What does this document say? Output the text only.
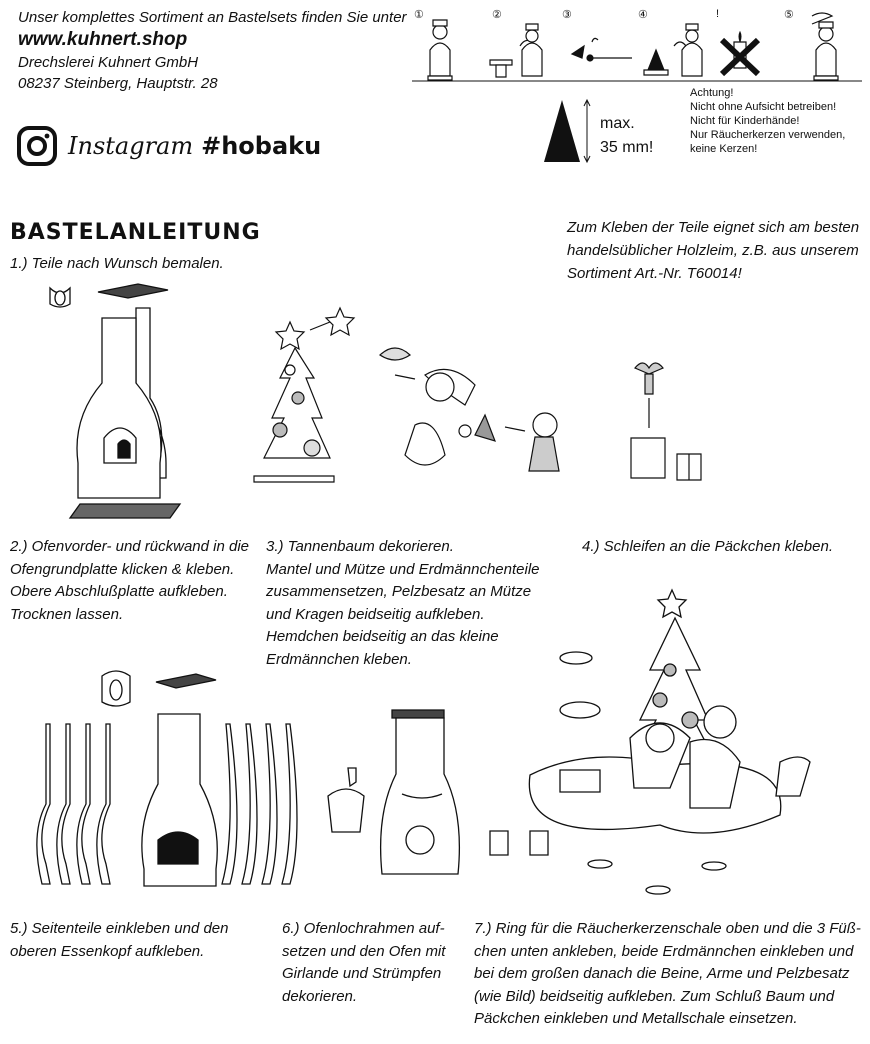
Unser komplettes Sortiment an Bastelsets finden Sie unter
www.kuhnert.shop
Drechslerei Kuhnert GmbH
08237 Steinberg, Hauptstr. 28
Instagram #hobaku
①	②	③	④	!	⑤
max.
35 mm!
Achtung!
Nicht ohne Aufsicht betreiben!
Nicht für Kinderhände!
Nur Räucherkerzen verwenden,
keine Kerzen!
BASTELANLEITUNG	Zum Kleben der Teile eignet sich am besten
handelsüblicher Holzleim, z.B. aus unserem
Sortiment Art.-Nr. T60014!
1.) Teile nach Wunsch bemalen.
2.) Ofenvorder- und rückwand in die
Ofengrundplatte klicken & kleben.
Obere Abschlußplatte aufkleben.
Trocknen lassen.
3.) Tannenbaum dekorieren.
Mantel und Mütze und Erdmännchenteile
zusammensetzen, Pelzbesatz an Mütze
und Kragen beidseitig aufkleben.
Hemdchen beidseitig an das kleine
Erdmännchen kleben.
4.) Schleifen an die Päckchen kleben.
5.) Seitenteile einkleben und den
oberen Essenkopf aufkleben.
6.) Ofenlochrahmen auf-
setzen und den Ofen mit
Girlande und Strümpfen
dekorieren.
7.) Ring für die Räucherkerzenschale oben und die 3 Füß-
chen unten ankleben, beide Erdmännchen einkleben und
bei dem großen danach die Beine, Arme und Pelzbesatz
(wie Bild) beidseitig aufkleben. Zum Schluß Baum und
Päckchen einkleben und Metallschale einsetzen.
